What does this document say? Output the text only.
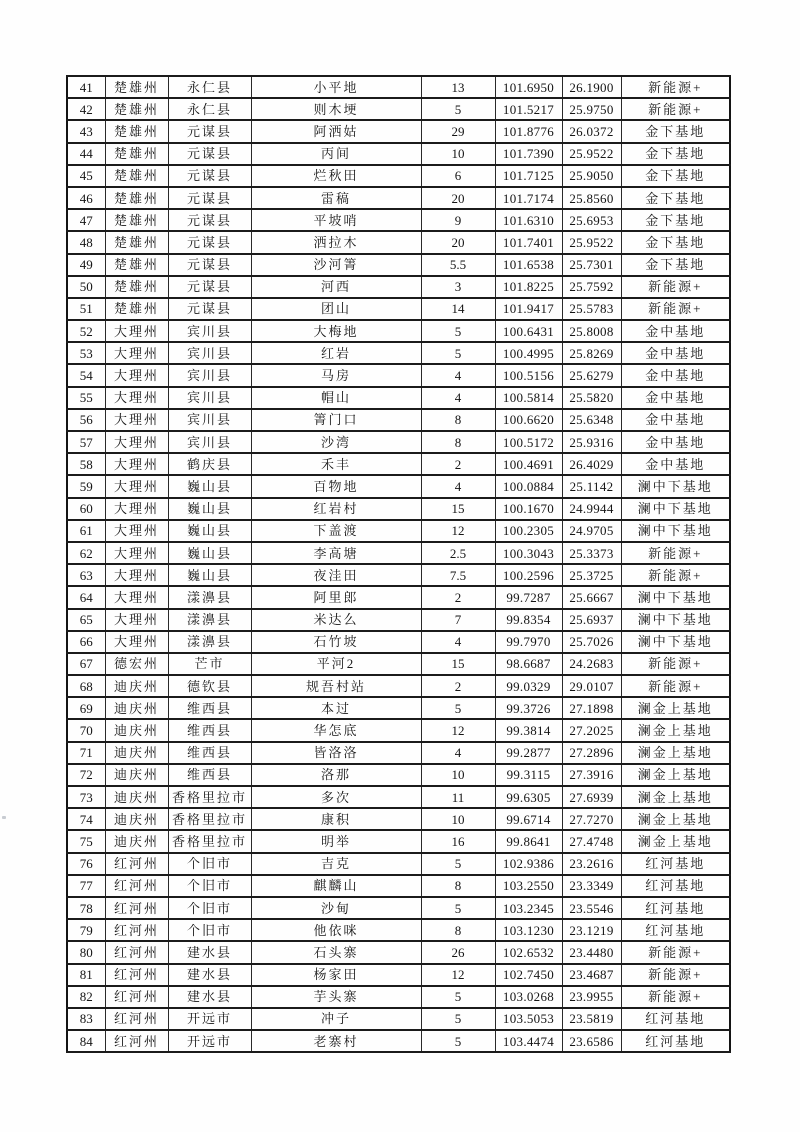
41	楚雄州	永仁县	小平地	13	101.6950	26.1900	新能源+
42	楚雄州	永仁县	则木埂	5	101.5217	25.9750	新能源+
43	楚雄州	元谋县	阿洒姑	29	101.8776	26.0372	金下基地
44	楚雄州	元谋县	丙间	10	101.7390	25.9522	金下基地
45	楚雄州	元谋县	烂秋田	6	101.7125	25.9050	金下基地
46	楚雄州	元谋县	雷稿	20	101.7174	25.8560	金下基地
47	楚雄州	元谋县	平坡哨	9	101.6310	25.6953	金下基地
48	楚雄州	元谋县	洒拉木	20	101.7401	25.9522	金下基地
49	楚雄州	元谋县	沙河箐	5.5	101.6538	25.7301	金下基地
50	楚雄州	元谋县	河西	3	101.8225	25.7592	新能源+
51	楚雄州	元谋县	团山	14	101.9417	25.5783	新能源+
52	大理州	宾川县	大梅地	5	100.6431	25.8008	金中基地
53	大理州	宾川县	红岩	5	100.4995	25.8269	金中基地
54	大理州	宾川县	马房	4	100.5156	25.6279	金中基地
55	大理州	宾川县	帽山	4	100.5814	25.5820	金中基地
56	大理州	宾川县	箐门口	8	100.6620	25.6348	金中基地
57	大理州	宾川县	沙湾	8	100.5172	25.9316	金中基地
58	大理州	鹤庆县	禾丰	2	100.4691	26.4029	金中基地
59	大理州	巍山县	百物地	4	100.0884	25.1142	澜中下基地
60	大理州	巍山县	红岩村	15	100.1670	24.9944	澜中下基地
61	大理州	巍山县	下盖渡	12	100.2305	24.9705	澜中下基地
62	大理州	巍山县	李高塘	2.5	100.3043	25.3373	新能源+
63	大理州	巍山县	夜洼田	7.5	100.2596	25.3725	新能源+
64	大理州	漾濞县	阿里郎	2	99.7287	25.6667	澜中下基地
65	大理州	漾濞县	米达么	7	99.8354	25.6937	澜中下基地
66	大理州	漾濞县	石竹坡	4	99.7970	25.7026	澜中下基地
67	德宏州	芒市	平河2	15	98.6687	24.2683	新能源+
68	迪庆州	德钦县	规吾村站	2	99.0329	29.0107	新能源+
69	迪庆州	维西县	本过	5	99.3726	27.1898	澜金上基地
70	迪庆州	维西县	华怎底	12	99.3814	27.2025	澜金上基地
71	迪庆州	维西县	皆洛洛	4	99.2877	27.2896	澜金上基地
72	迪庆州	维西县	洛那	10	99.3115	27.3916	澜金上基地
73	迪庆州	香格里拉市	多次	11	99.6305	27.6939	澜金上基地
74	迪庆州	香格里拉市	康积	10	99.6714	27.7270	澜金上基地
75	迪庆州	香格里拉市	明举	16	99.8641	27.4748	澜金上基地
76	红河州	个旧市	吉克	5	102.9386	23.2616	红河基地
77	红河州	个旧市	麒麟山	8	103.2550	23.3349	红河基地
78	红河州	个旧市	沙甸	5	103.2345	23.5546	红河基地
79	红河州	个旧市	他依咪	8	103.1230	23.1219	红河基地
80	红河州	建水县	石头寨	26	102.6532	23.4480	新能源+
81	红河州	建水县	杨家田	12	102.7450	23.4687	新能源+
82	红河州	建水县	芋头寨	5	103.0268	23.9955	新能源+
83	红河州	开远市	冲子	5	103.5053	23.5819	红河基地
84	红河州	开远市	老寨村	5	103.4474	23.6586	红河基地
